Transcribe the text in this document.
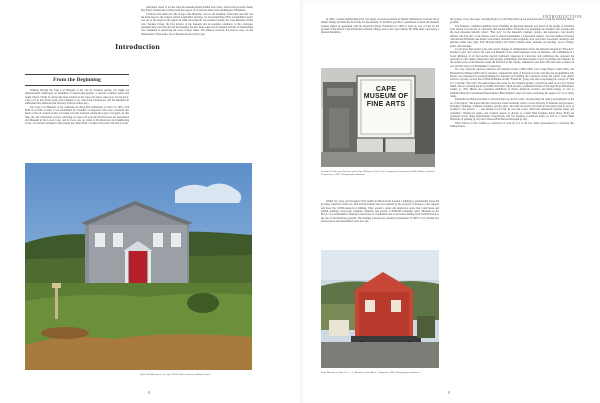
Introduction
From the Beginning

Walking through the Cape Cod Museum of Art and its sculpture garden, you might see impressionistic landscapes, an exhibition of surreal photography, or abstract sculpture made with found objects. Works by artists who have worked on the Cape, but whose range goes far beyond it: Cape Cod art has always been, and continues to be, varied and adventurous, and the museum has enthusiastically embraced that diversity from its earliest days.

The Cape Cod Museum of Art celebrates its thirty-fifth anniversary in 2016. In 1981, with $100 in its bank account, it was established by a handful of supporters who were concerned that much of the art created locally was being sold and scattered outside the Cape Cod region. At that time, the only institutions actively collecting on Cape Cod were the Provincetown Art Association and Museum in the Lower Cape, and its focus was on artists in Provincetown and neighboring towns, a focus that continues to this present day. Harry Holl, a sculptor and potter who had a recent

remodeled vision of art and what the museum should exhibit and collect, and his lawyer-artist friend, Ray Freed, founded the CCMoA with the support of art patrons Anne Stout and Margaret Windheim.

CCMoA's first name was The Scargo Lake Museum, a nod to the beautiful, fresh-water lake that was the home base for the sculptor Arnold Geissbuhler and later, for non-tenant Harry Holl. Geissbuhler's studio was one of the largest in the region. In 1982, the nonprofit was renamed, briefly, the Cape Museum of Fine Arts. Suzanne Packer, the first director of the museum and an essential contributor to this catalogue, explained that even after she left the museum, the new name supported its mission and that its membership was committed to preserving the work of these artists. The mission, however, has been to carry out the implications of that name, one of the best known on the Cape.

Cape Cod Museum of Art, April 2016. Photo courtesy of Bernie Jones.
8
INTRODUCTION

In 1982, a charter membership drive was begun. A rented storefront in Theater Marketplace on Route 6A in Dennis Village provided the first home for the museum. To facilitate growth in a permanent location, the museum trustees signed an agreement with the Raymond Moore Foundation in 1984 to lease an acre of land on the grounds of the historic Cape Playhouse in Dennis Village, next to the Cape Cinema. By 1986, there were nearly a thousand members.

CAPE MUSEUM OF FINE ARTS
Suzanne Packer, first director of the Cape Museum of Fine Arts, accepting a donation from Bill Stebbins of Exxon Corporation, 1987. Photographer unknown.

Within two years, the Davenport West family in Harwich had donated a building to permanently house the growing collection of fine art. Holl and his friends were not deterred by the prospect of having to raise support and move the 10,000-square-foot building. They wanted a grand and impressive space that could house and exhibit paintings, large-scale sculpture, furniture, and pottery. A $300,000 campaign, titled "Museum on the Move," was established to fund the construction of a foundation and to move the building from South Harwich to the rear of the Playhouse grounds. The building was moved to Dennis in September of 1987; it was divided into eleven pieces and reassembled on its new site.

Cape Museum of Fine Arts — A "Museum on the Move," September 1987. Photographer unknown.

the journey across the Cape, traveling Route 6 to Old Bass River Road and Route 6A to reach the Raymond Moore grounds.

The founders' continued optimism toward building an important museum was based on the pledge of donations from several local patrons of collections that needed homes. From the very beginning, the founders were resolute and the most museums initially collect. "Fine Arts" for the museum's founders, donors, and supporters, was broadly defined. The first gift, of the diverse work of Arnold Geissbuhler, a Cape-based sculptor who had studied in Europe with Antoine Bourdelle and Alberto Giacometti, included bronze sculpture, terra cotta busts, bas-reliefs, drawings, and sketches. Other early gifts, from Howard Gibbs's and Vernon Smith's estate, included oil paintings, wood carvings, prints, and drawings.

It took more than twenty years and several changes of administration before the museum changed its "Fine Arts" moniker to just "Art"; hence, the Cape Cod Museum of Art, which signaled a clear-cut mandate—the commitment to a broad definition of art that reaches beyond traditional categories in collections and exhibitions that represent the spectrum of craft, design, illustration, photography, printmaking, and mixed media as well as painting and sculpture. In the earliest years of the museum, under the direction of Ms. Packer, exhibitions were held with titles such as Dance in Art, and The Cape Cod Printmakers' Connection.

Two key curatorial directors, Michael and Suzanne Packer (1986–1993) were Gregg Harper (1993–2001) and Elizabeth Ives Hunter (2003–2012); and they continued this spirit of diversity in both collecting and programming. Mr. Harper was interested in professionalizing the museum and building the collection around the earlier Cape artists' schools or groups, such as that of Hans Hofmann and the "Forum 49" group, and also in expanding the concept of "fine art" to include "fine craft." He added large-scale works for the sculpture garden, a carved bas-relief in wood by Vernon Smith, and an oversized model by Arthur Silverman, which became a permanent fixture of the large Hope McDermott Gallery (c. 205). Hunter also presented exhibitions of Native American ceramics and metal-casting, as well as exhibited Beyond Conventional Expectations: Blind Painters' Days Of Glass, indicating the support for art in many forms.

Elizabeth Ives Hunter invented a collection that was, in her words, "an interesting but quirky representation of the art of the region." She hoped that the collections would eventually reflect a broad diversity of materials and processes, including "paintings, sculpture, furniture, jewelry, glass, and other decorative arts made in the region from as early as possible to the present . . . and include work from all over the world, which has influenced regional artists and craftsmen." During her tenure, she acquired objects as diverse as a Peter Hunt furniture hutch, Harry Holl's tea ceremony bowls, many mixed-media constructions, and two Japanese woodblock prints, as well as a classic Hans Hofmann oil painting (p. 61) and a Theresa Hall Barnes lithograph (p. 68).

What follows in this volume is a selection of work by 121 of the 611 artists represented in a collection that numbers more

9
